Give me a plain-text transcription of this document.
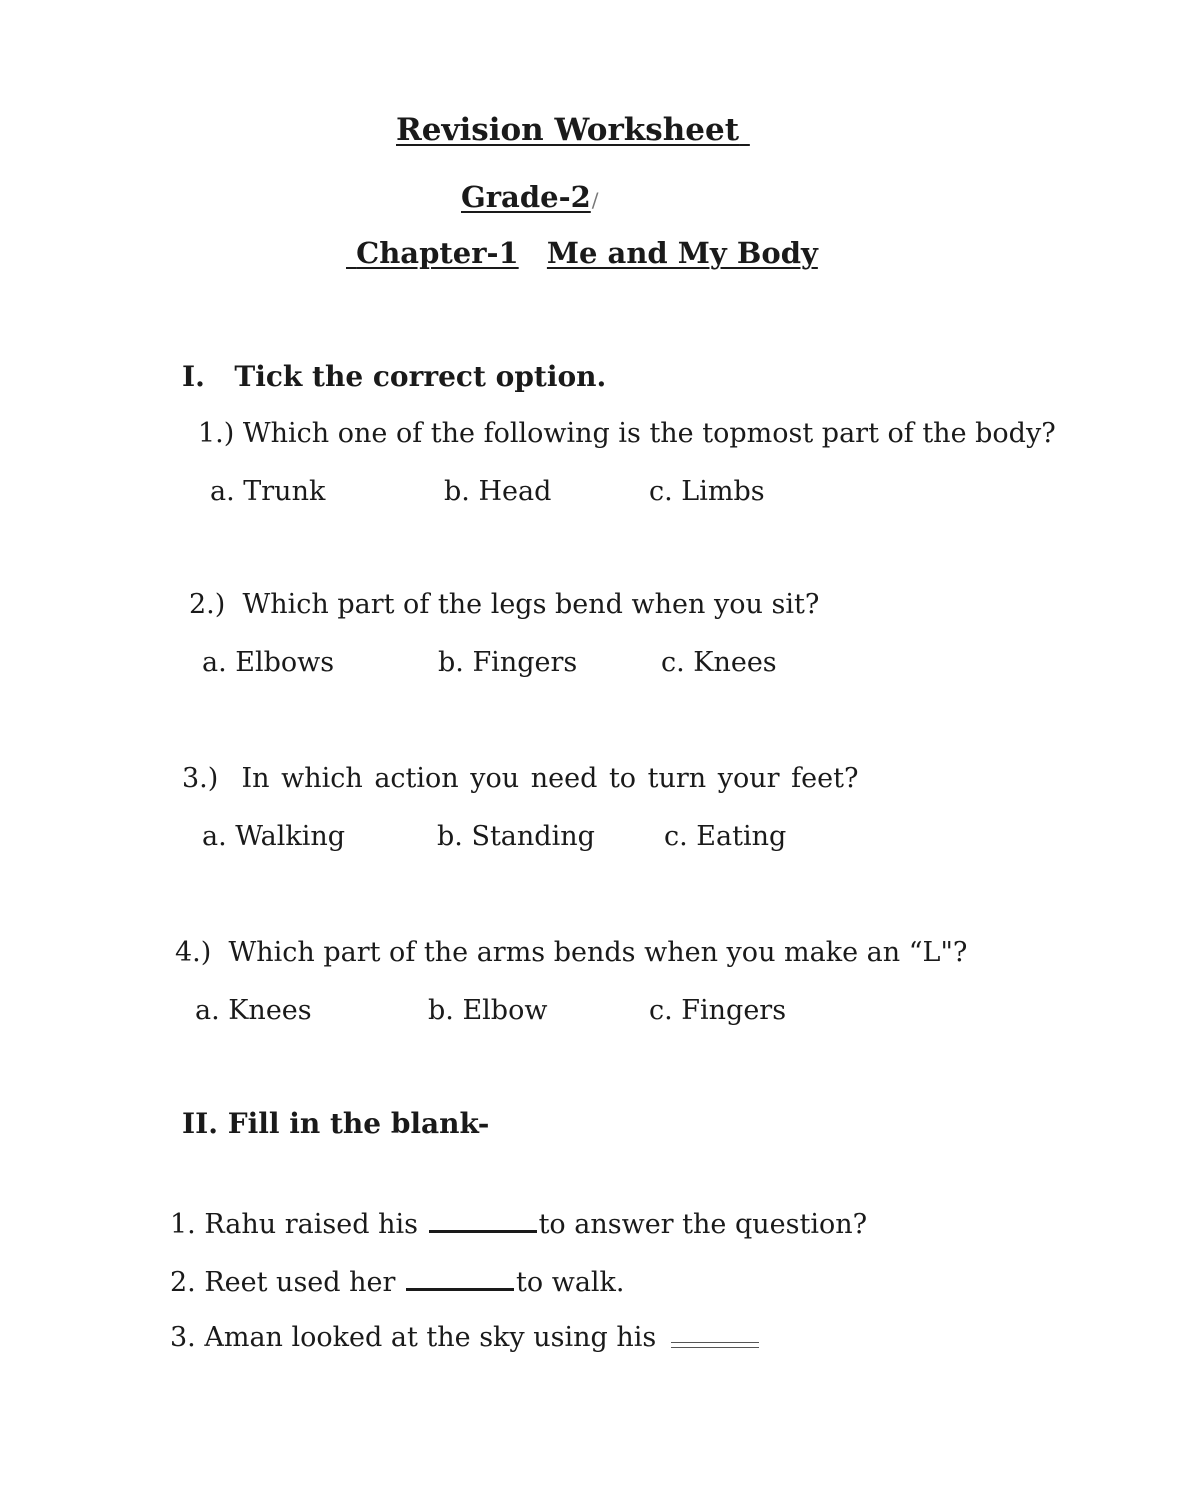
Revision Worksheet
Grade-2/
Chapter-1 Me and My Body
I. Tick the correct option.
1.) Which one of the following is the topmost part of the body?
a. Trunk	b. Head	c. Limbs
2.) Which part of the legs bend when you sit?
a. Elbows	b. Fingers	c. Knees
3.) In which action you need to turn your feet?
a. Walking	b. Standing	c. Eating
4.) Which part of the arms bends when you make an “L"?
a. Knees	b. Elbow	c. Fingers
II. Fill in the blank-
1. Rahu raised his	to answer the question?
2. Reet used her	to walk.
3. Aman looked at the sky using his
